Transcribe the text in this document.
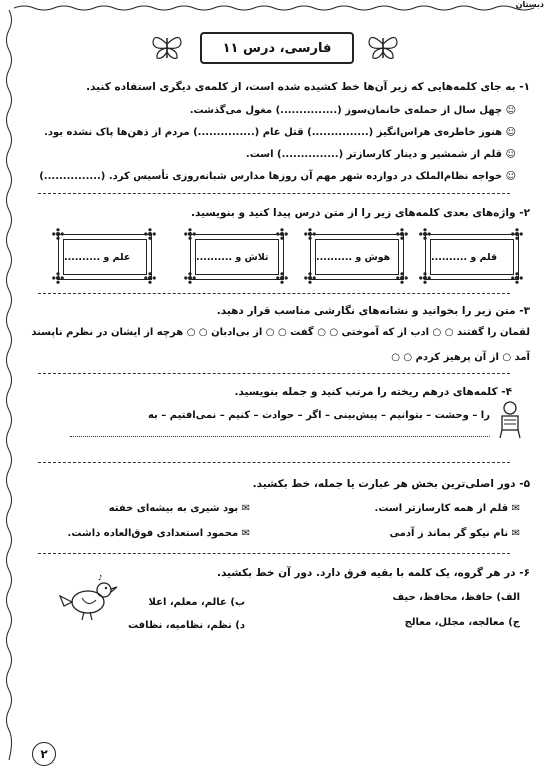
دبستان
فارسی، درس ۱۱
۱- به جای کلمه‌هایی که زیر آن‌ها خط کشیده شده است، از کلمه‌ی دیگری استفاده کنید.
☺ چهل سال از حمله‌ی خانمان‌سوز (...............) مغول می‌گذشت.
☺ هنوز خاطره‌ی هراس‌انگیز (...............) قتل عام (...............) مردم از ذهن‌ها پاک نشده بود.
☺ قلم از شمشیر و دینار کارسازتر (...............) است.
☺ خواجه نظام‌الملک در دوازده شهر مهم آن روزها مدارس شبانه‌روزی تأسیس کرد. (...............)
۲- واژه‌های بعدی کلمه‌های زیر را از متن درس پیدا کنید و بنویسید.
قلم و ..........
هوش و ..........
تلاش و ..........
علم و ..........
۳- متن زیر را بخوانید و نشانه‌های نگارشی مناسب قرار دهید.
لقمان را گفتند ○ ○ ادب از که آموختی ○ ○ گفت ○ ○ از بی‌ادبان ○ ○ هرچه از ایشان در نظرم ناپسند
آمد ○ از آن پرهیز کردم ○ ○
۴- کلمه‌های درهم ریخته را مرتب کنید و جمله بنویسید.
را – وحشت – بتوانیم – پیش‌بینی – اگر – حوادث – کنیم – نمی‌افتیم – به
۵- دور اصلی‌ترین بخش هر عبارت یا جمله، خط بکشید.
✉ قلم از همه کارسازتر است.
✉ بود شیری به بیشه‌ای خفته
✉ نام نیکو گر بماند ز آدمی
✉ محمود استعدادی فوق‌العاده داشت.
۶- در هر گروه، یک کلمه با بقیه فرق دارد. دور آن خط بکشید.
الف) حافظ، محافظ، حیف
ب) عالم، معلم، اعلا
ج) معالجه، مجلل، معالج
د) نظم، نظامیه، نظافت
♪
۲
